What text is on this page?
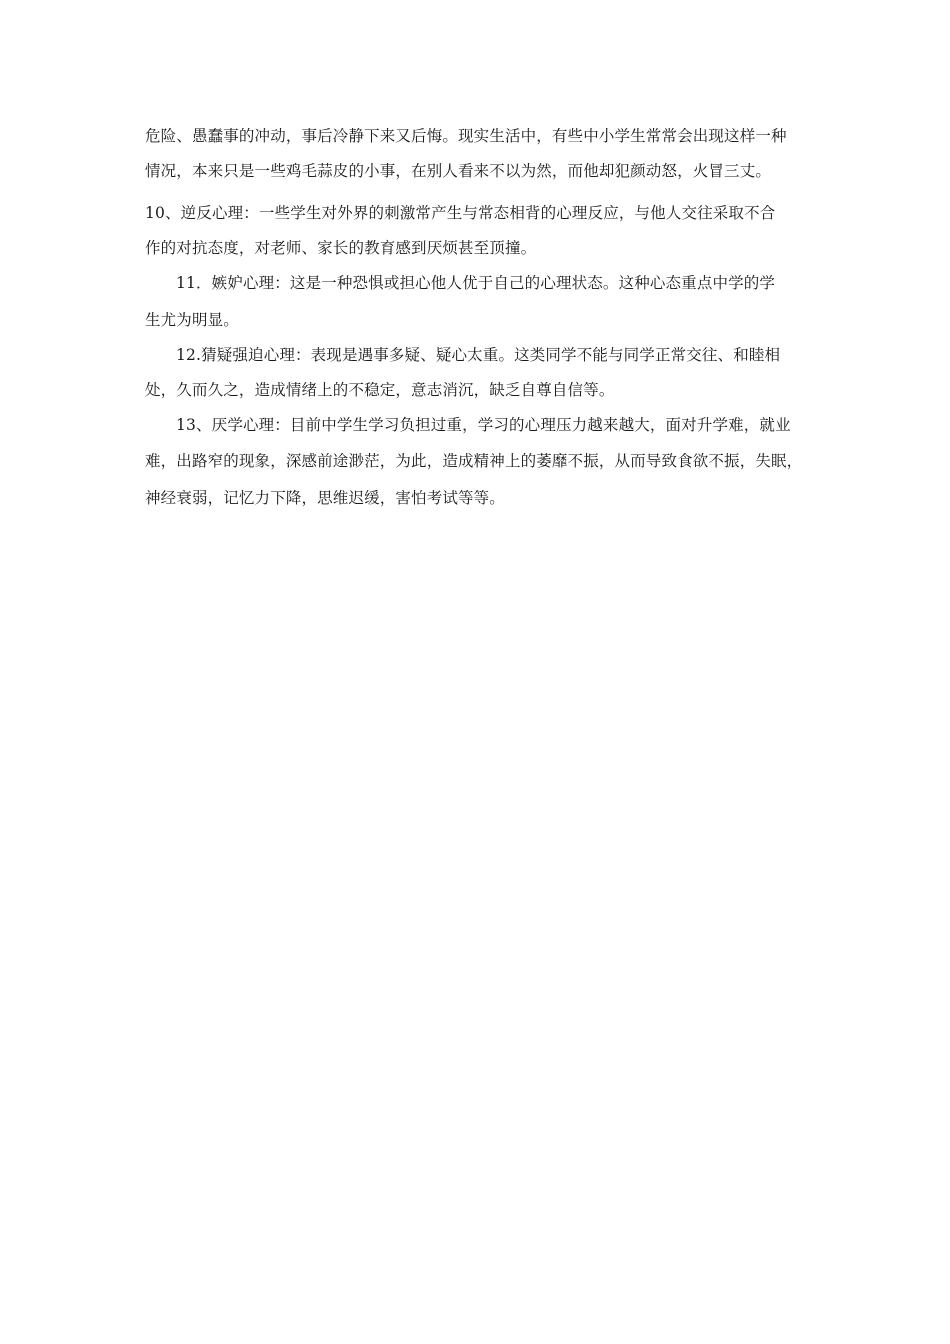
危险、愚蠢事的冲动，事后冷静下来又后悔。现实生活中，有些中小学生常常会出现这样一种
情况，本来只是一些鸡毛蒜皮的小事，在别人看来不以为然，而他却犯颜动怒，火冒三丈。
10、逆反心理：一些学生对外界的刺激常产生与常态相背的心理反应，与他人交往采取不合
作的对抗态度，对老师、家长的教育感到厌烦甚至顶撞。
11．嫉妒心理：这是一种恐惧或担心他人优于自己的心理状态。这种心态重点中学的学
生尤为明显。
12.猜疑强迫心理：表现是遇事多疑、疑心太重。这类同学不能与同学正常交往、和睦相
处，久而久之，造成情绪上的不稳定，意志消沉，缺乏自尊自信等。
13、厌学心理：目前中学生学习负担过重，学习的心理压力越来越大，面对升学难，就业
难，出路窄的现象，深感前途渺茫，为此，造成精神上的萎靡不振，从而导致食欲不振，失眠，
神经衰弱，记忆力下降，思维迟缓，害怕考试等等。
